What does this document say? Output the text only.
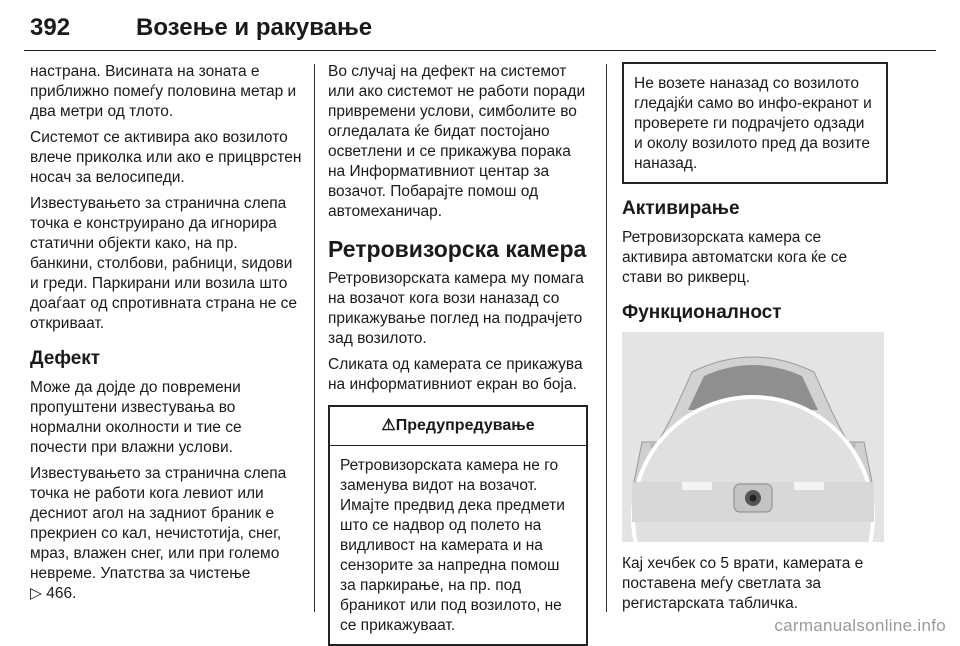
392	Возење и ракување

настрана. Висината на зоната е приближно помеѓу половина метар и два метри од тлото.

Системот се активира ако возилото влече приколка или ако е прицврстен носач за велосипеди.

Известувањето за странична слепа точка е конструирано да игнорира статични објекти како, на пр. банкини, столбови, рабници, ѕидови и греди. Паркирани или возила што доаѓаат од спротивната страна не се откриваат.

Дефект

Може да дојде до повремени пропуштени известувања во нормални околности и тие се почести при влажни услови.

Известувањето за странична слепа точка не работи кога левиот или десниот агол на задниот браник е прекриен со кал, нечистотија, снег, мраз, влажен снег, или при големо невреме. Упатства за чистење
▷ 466.

Во случај на дефект на системот или ако системот не работи поради привремени услови, симболите во огледалата ќе бидат постојано осветлени и се прикажува порака на Информативниот центар за возачот. Побарајте помош од автомеханичар.

Ретровизорска камера

Ретровизорската камера му помага на возачот кога вози наназад со прикажување поглед на подрачјето зад возилото.

Сликата од камерата се прикажува на информативниот екран во боја.

⚠Предупредување

Ретровизорската камера не го заменува видот на возачот. Имајте предвид дека предмети што се надвор од полето на видливост на камерата и на сензорите за напредна помош за паркирање, на пр. под браникот или под возилото, не се прикажуваат.

Не возете наназад со возилото гледајќи само во инфо-екранот и проверете ги подрачјето одзади и околу возилото пред да возите наназад.

Активирање

Ретровизорската камера се активира автоматски кога ќе се стави во рикверц.

Функционалност

Кај хечбек со 5 врати, камерата е поставена меѓу светлата за регистарската табличка.

carmanualsonline.info
